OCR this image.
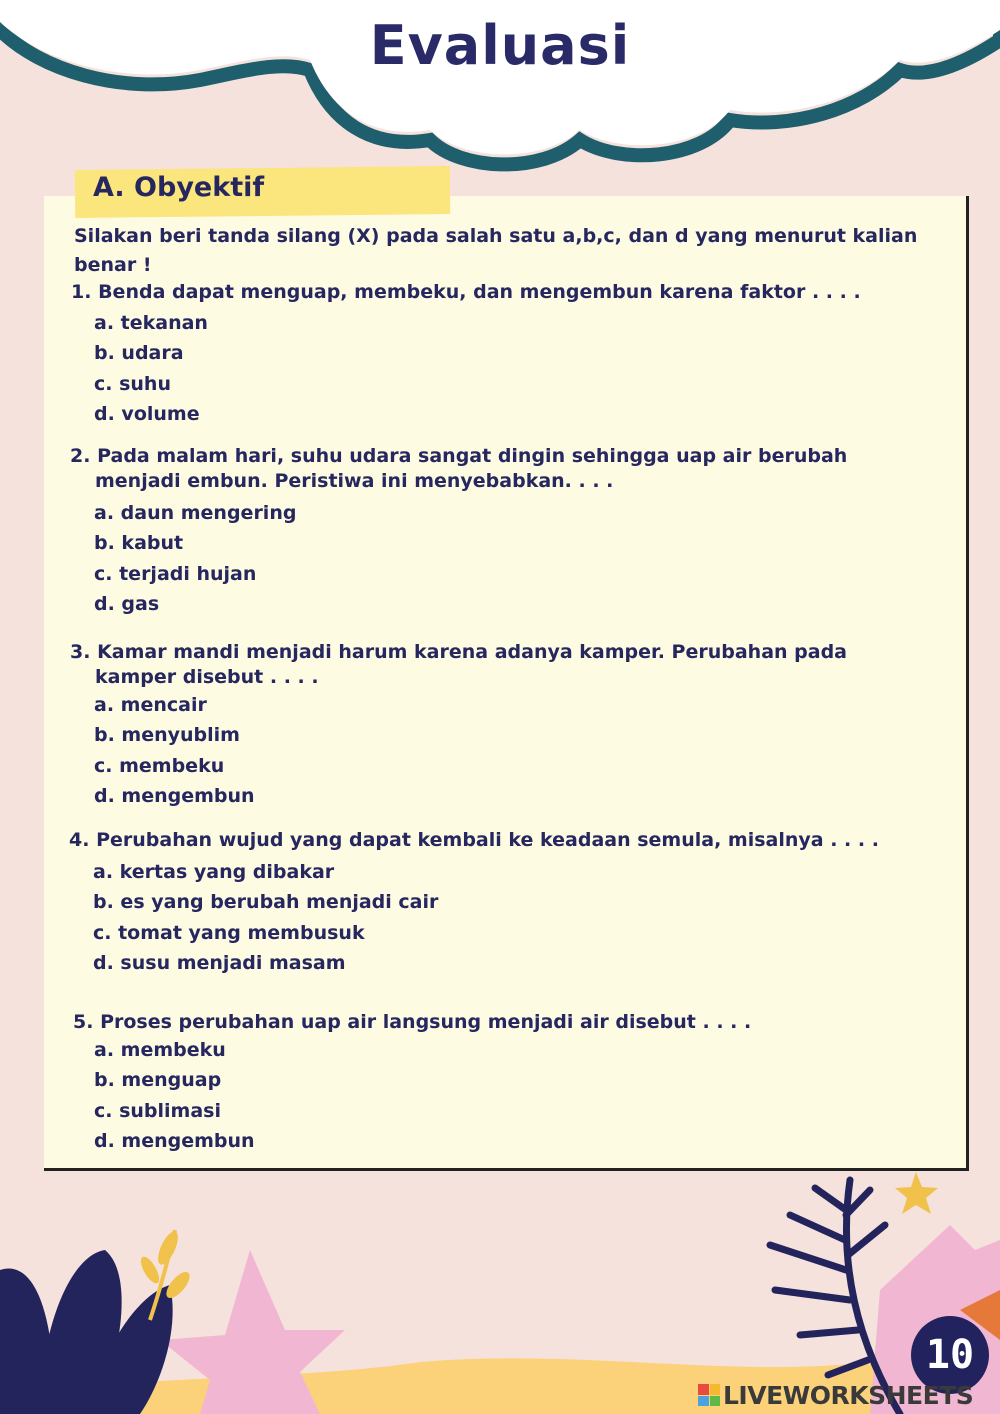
Evaluasi
A. Obyektif

Silakan beri tanda silang (X) pada salah satu a,b,c, dan d yang menurut kalian benar !

1. Benda dapat menguap, membeku, dan mengembun karena faktor . . . .

a. tekanan
b. udara
c. suhu
d. volume

2. Pada malam hari, suhu udara sangat dingin sehingga uap air berubah
menjadi embun. Peristiwa ini menyebabkan. . . .

a. daun mengering
b. kabut
c. terjadi hujan
d. gas

3. Kamar mandi menjadi harum karena adanya kamper. Perubahan pada
kamper disebut . . . .

a. mencair
b. menyublim
c. membeku
d. mengembun

4. Perubahan wujud yang dapat kembali ke keadaan semula, misalnya . . . .

a. kertas yang dibakar
b. es yang berubah menjadi cair
c. tomat yang membusuk
d. susu menjadi masam

5. Proses perubahan uap air langsung menjadi air disebut . . . .

a. membeku
b. menguap
c. sublimasi
d. mengembun
10
LIVEWORKSHEETS
